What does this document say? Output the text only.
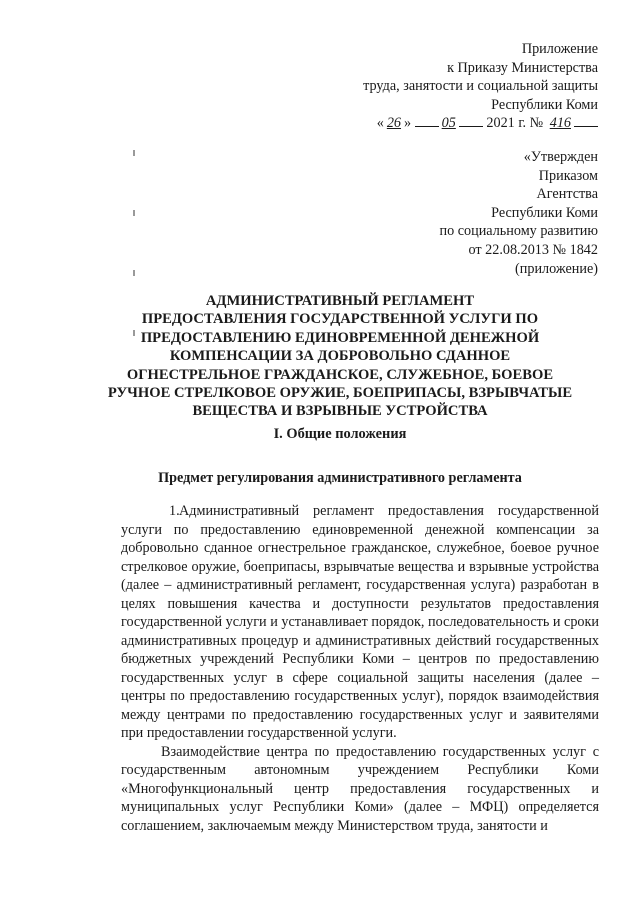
Приложение
к Приказу Министерства
труда, занятости и социальной защиты
Республики Коми
« 26 » 05 2021 г. № 416
«Утвержден
Приказом
Агентства
Республики Коми
по социальному развитию
от 22.08.2013 № 1842
(приложение)
АДМИНИСТРАТИВНЫЙ РЕГЛАМЕНТ
ПРЕДОСТАВЛЕНИЯ ГОСУДАРСТВЕННОЙ УСЛУГИ ПО
ПРЕДОСТАВЛЕНИЮ ЕДИНОВРЕМЕННОЙ ДЕНЕЖНОЙ
КОМПЕНСАЦИИ ЗА ДОБРОВОЛЬНО СДАННОЕ
ОГНЕСТРЕЛЬНОЕ ГРАЖДАНСКОЕ, СЛУЖЕБНОЕ, БОЕВОЕ
РУЧНОЕ СТРЕЛКОВОЕ ОРУЖИЕ, БОЕПРИПАСЫ, ВЗРЫВЧАТЫЕ
ВЕЩЕСТВА И ВЗРЫВНЫЕ УСТРОЙСТВА
I. Общие положения
Предмет регулирования административного регламента

1.Административный регламент предоставления государственной услуги по предоставлению единовременной денежной компенсации за добровольно сданное огнестрельное гражданское, служебное, боевое ручное стрелковое оружие, боеприпасы, взрывчатые вещества и взрывные устройства (далее – административный регламент, государственная услуга) разработан в целях повышения качества и доступности результатов предоставления государственной услуги и устанавливает порядок, последовательность и сроки административных процедур и административных действий государственных бюджетных учреждений Республики Коми – центров по предоставлению государственных услуг в сфере социальной защиты населения (далее – центры по предоставлению государственных услуг), порядок взаимодействия между центрами по предоставлению государственных услуг и заявителями при предоставлении государственной услуги.

Взаимодействие центра по предоставлению государственных услуг с государственным автономным учреждением Республики Коми «Многофункциональный центр предоставления государственных и муниципальных услуг Республики Коми» (далее – МФЦ) определяется соглашением, заключаемым между Министерством труда, занятости и
